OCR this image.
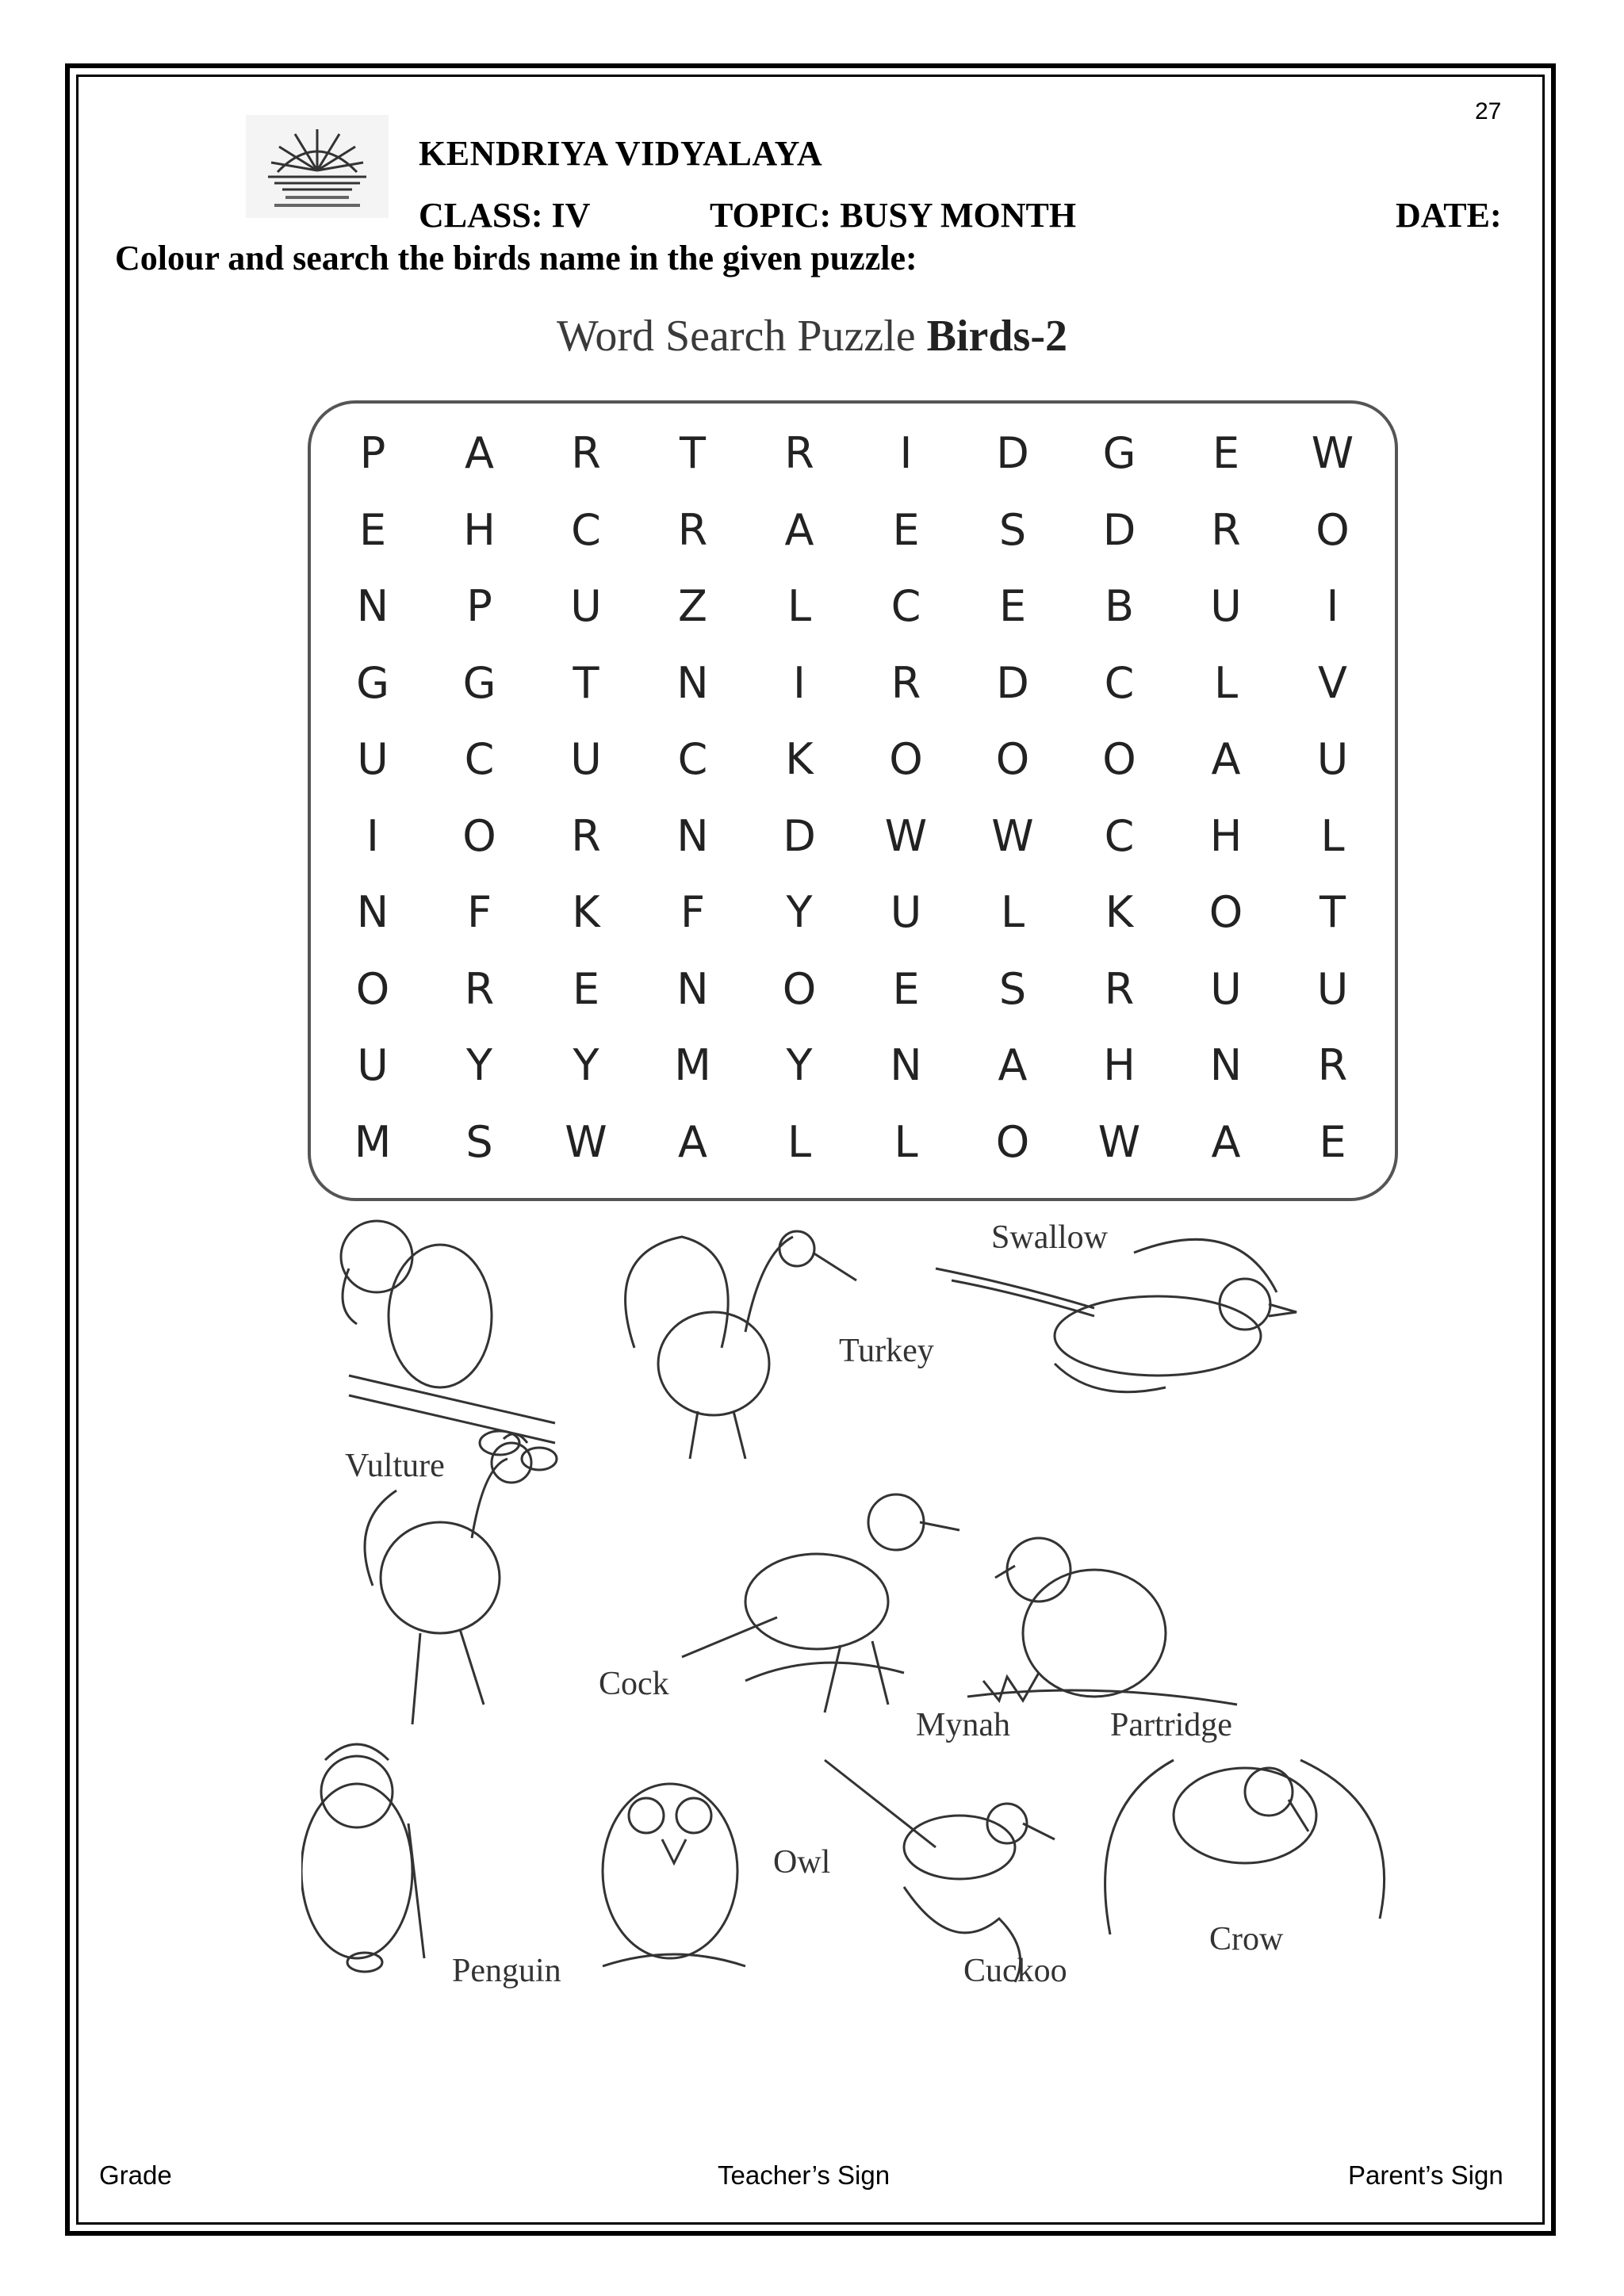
27
KENDRIYA VIDYALAYA
CLASS: IV	TOPIC: BUSY MONTH	DATE:
Colour and search the birds name in the given puzzle:
Word Search Puzzle Birds-2
P	A	R	T	R	I	D	G	E	W
E	H	C	R	A	E	S	D	R	O
N	P	U	Z	L	C	E	B	U	I
G	G	T	N	I	R	D	C	L	V
U	C	U	C	K	O	O	O	A	U
I	O	R	N	D	W	W	C	H	L
N	F	K	F	Y	U	L	K	O	T
O	R	E	N	O	E	S	R	U	U
U	Y	Y	M	Y	N	A	H	N	R
M	S	W	A	L	L	O	W	A	E
Vulture
Turkey
Swallow
Cock
Mynah	Partridge
Penguin
Owl
Cuckoo
Crow
Grade	Teacher’s Sign	Parent’s Sign
